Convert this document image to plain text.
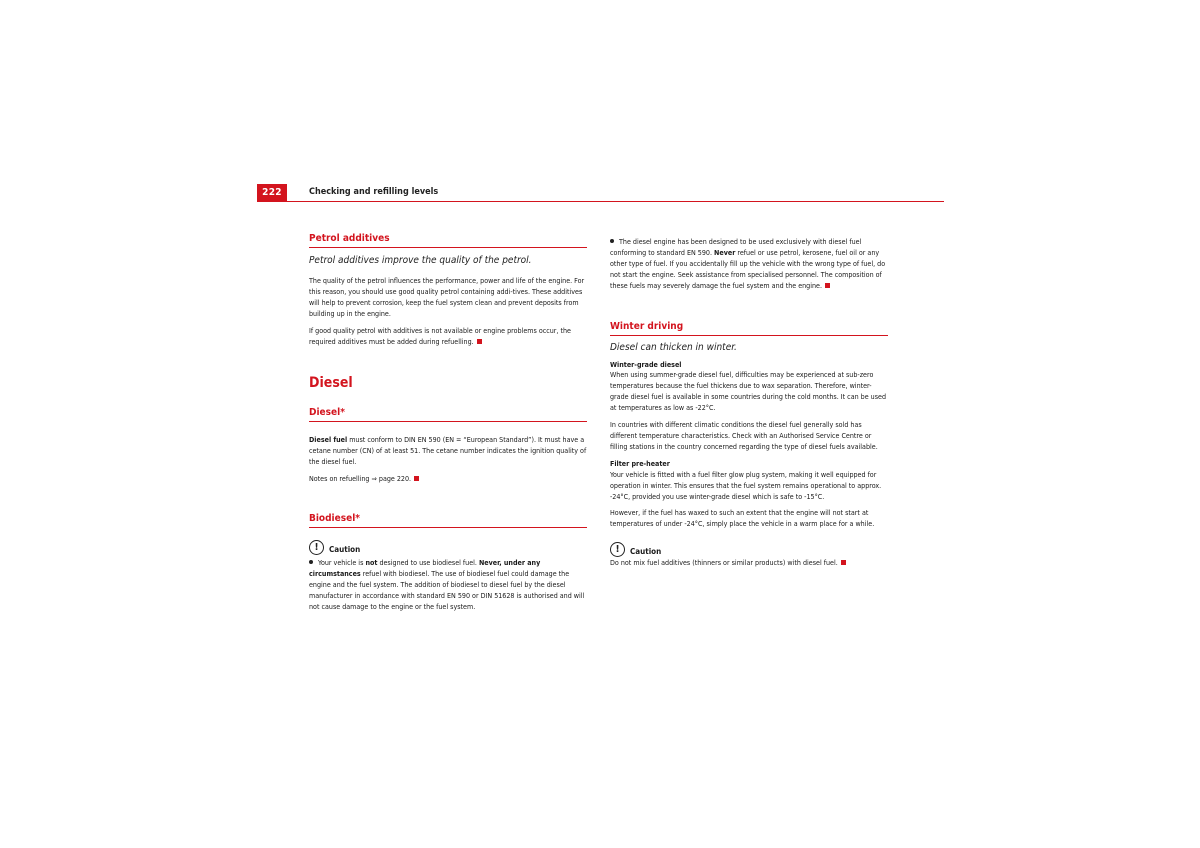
222	Checking and refilling levels
Petrol additives

Petrol additives improve the quality of the petrol.

The quality of the petrol influences the performance, power and life of the engine. For this reason, you should use good quality petrol containing addi-tives. These additives will help to prevent corrosion, keep the fuel system clean and prevent deposits from building up in the engine.

If good quality petrol with additives is not available or engine problems occur, the required additives must be added during refuelling.

Diesel
Diesel*

Diesel fuel must conform to DIN EN 590 (EN = “European Standard”). It must have a cetane number (CN) of at least 51. The cetane number indicates the ignition quality of the diesel fuel.

Notes on refuelling ⇒ page 220.

Biodiesel*
!	Caution

Your vehicle is not designed to use biodiesel fuel. Never, under any circumstances refuel with biodiesel. The use of biodiesel fuel could damage the engine and the fuel system. The addition of biodiesel to diesel fuel by the diesel manufacturer in accordance with standard EN 590 or DIN 51628 is authorised and will not cause damage to the engine or the fuel system.

The diesel engine has been designed to be used exclusively with diesel fuel conforming to standard EN 590. Never refuel or use petrol, kerosene, fuel oil or any other type of fuel. If you accidentally fill up the vehicle with the wrong type of fuel, do not start the engine. Seek assistance from specialised personnel. The composition of these fuels may severely damage the fuel system and the engine.

Winter driving

Diesel can thicken in winter.

Winter-grade diesel

When using summer-grade diesel fuel, difficulties may be experienced at sub-zero temperatures because the fuel thickens due to wax separation. Therefore, winter-grade diesel fuel is available in some countries during the cold months. It can be used at temperatures as low as -22°C.

In countries with different climatic conditions the diesel fuel generally sold has different temperature characteristics. Check with an Authorised Service Centre or filling stations in the country concerned regarding the type of diesel fuels available.

Filter pre-heater

Your vehicle is fitted with a fuel filter glow plug system, making it well equipped for operation in winter. This ensures that the fuel system remains operational to approx. -24°C, provided you use winter-grade diesel which is safe to -15°C.

However, if the fuel has waxed to such an extent that the engine will not start at temperatures of under -24°C, simply place the vehicle in a warm place for a while.

!	Caution

Do not mix fuel additives (thinners or similar products) with diesel fuel.
